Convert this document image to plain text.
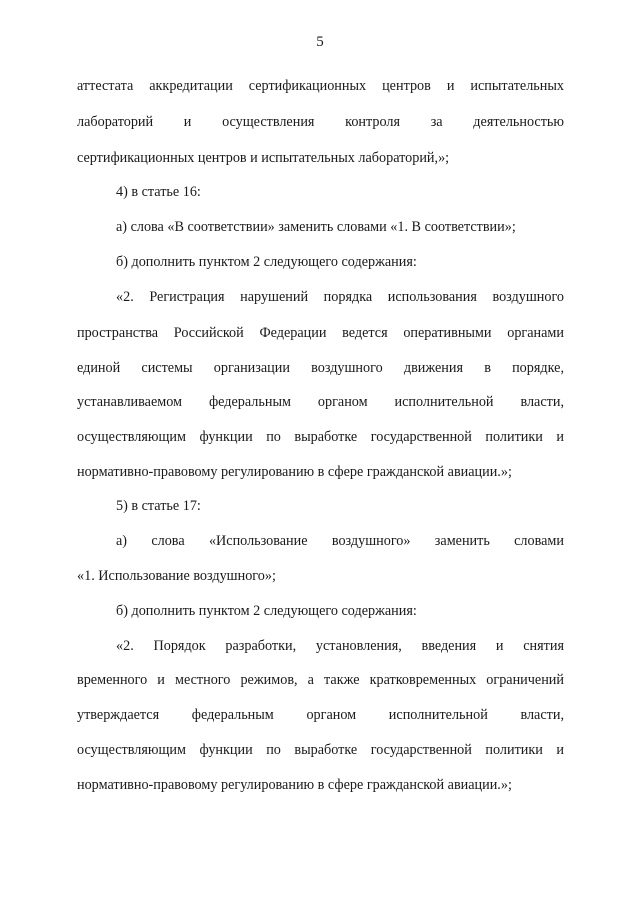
5
аттестата аккредитации сертификационных центров и испытательных
лабораторий и осуществления контроля за деятельностью
сертификационных центров и испытательных лабораторий,»;
4) в статье 16:
а) слова «В соответствии» заменить словами «1. В соответствии»;
б) дополнить пунктом 2 следующего содержания:
«2. Регистрация нарушений порядка использования воздушного
пространства Российской Федерации ведется оперативными органами
единой системы организации воздушного движения в порядке,
устанавливаемом федеральным органом исполнительной власти,
осуществляющим функции по выработке государственной политики и
нормативно-правовому регулированию в сфере гражданской авиации.»;
5) в статье 17:
а) слова «Использование воздушного» заменить словами
«1. Использование воздушного»;
б) дополнить пунктом 2 следующего содержания:
«2. Порядок разработки, установления, введения и снятия
временного и местного режимов, а также кратковременных ограничений
утверждается федеральным органом исполнительной власти,
осуществляющим функции по выработке государственной политики и
нормативно-правовому регулированию в сфере гражданской авиации.»;
